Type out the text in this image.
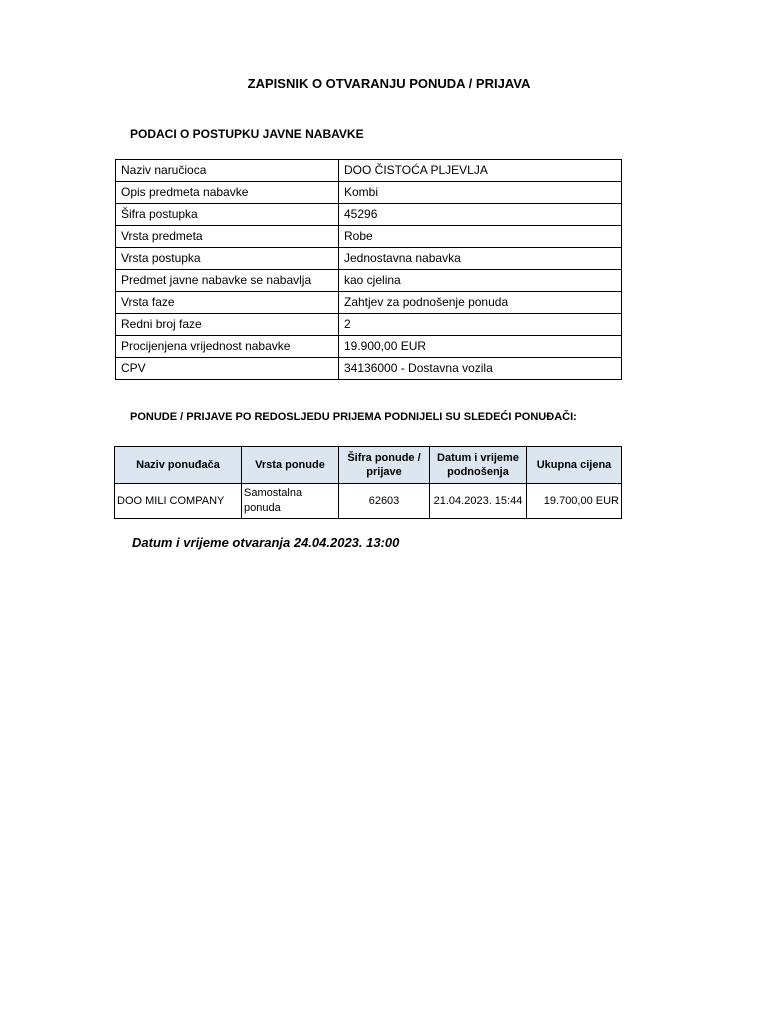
ZAPISNIK O OTVARANJU PONUDA / PRIJAVA
PODACI O POSTUPKU JAVNE NABAVKE
Naziv naručioca	DOO ČISTOĆA PLJEVLJA
Opis predmeta nabavke	Kombi
Šifra postupka	45296
Vrsta predmeta	Robe
Vrsta postupka	Jednostavna nabavka
Predmet javne nabavke se nabavlja	kao cjelina
Vrsta faze	Zahtjev za podnošenje ponuda
Redni broj faze	2
Procijenjena vrijednost nabavke	19.900,00 EUR
CPV	34136000 - Dostavna vozila
PONUDE / PRIJAVE PO REDOSLJEDU PRIJEMA PODNIJELI SU SLEDEĆI PONUĐAČI:
Naziv ponuđača	Vrsta ponude	Šifra ponude / prijave	Datum i vrijeme podnošenja	Ukupna cijena
DOO MILI COMPANY	Samostalna ponuda	62603	21.04.2023. 15:44	19.700,00 EUR
Datum i vrijeme otvaranja 24.04.2023. 13:00
